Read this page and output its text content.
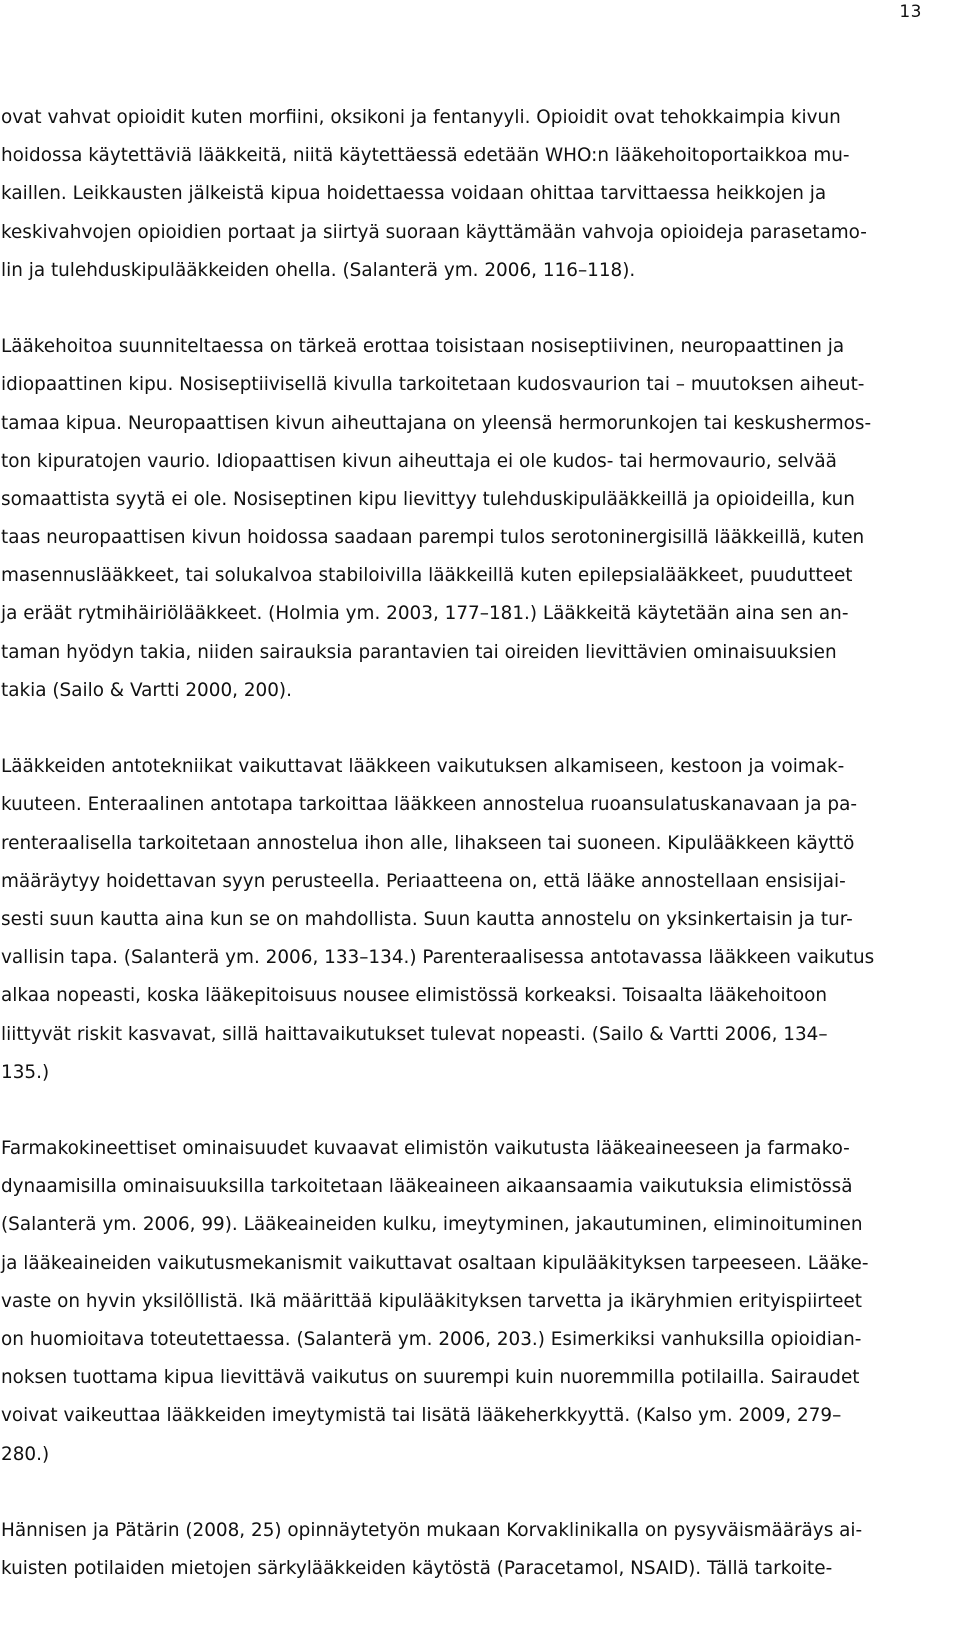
13
ovat vahvat opioidit kuten morfiini, oksikoni ja fentanyyli. Opioidit ovat tehokkaimpia kivun
hoidossa käytettäviä lääkkeitä, niitä käytettäessä edetään WHO:n lääkehoitoportaikkoa mu-
kaillen. Leikkausten jälkeistä kipua hoidettaessa voidaan ohittaa tarvittaessa heikkojen ja
keskivahvojen opioidien portaat ja siirtyä suoraan käyttämään vahvoja opioideja parasetamo-
lin ja tulehduskipulääkkeiden ohella. (Salanterä ym. 2006, 116–118).
Lääkehoitoa suunniteltaessa on tärkeä erottaa toisistaan nosiseptiivinen, neuropaattinen ja
idiopaattinen kipu. Nosiseptiivisellä kivulla tarkoitetaan kudosvaurion tai – muutoksen aiheut-
tamaa kipua. Neuropaattisen kivun aiheuttajana on yleensä hermorunkojen tai keskushermos-
ton kipuratojen vaurio. Idiopaattisen kivun aiheuttaja ei ole kudos- tai hermovaurio, selvää
somaattista syytä ei ole. Nosiseptinen kipu lievittyy tulehduskipulääkkeillä ja opioideilla, kun
taas neuropaattisen kivun hoidossa saadaan parempi tulos serotoninergisillä lääkkeillä, kuten
masennuslääkkeet, tai solukalvoa stabiloivilla lääkkeillä kuten epilepsialääkkeet, puudutteet
ja eräät rytmihäiriölääkkeet. (Holmia ym. 2003, 177–181.) Lääkkeitä käytetään aina sen an-
taman hyödyn takia, niiden sairauksia parantavien tai oireiden lievittävien ominaisuuksien
takia (Sailo & Vartti 2000, 200).
Lääkkeiden antotekniikat vaikuttavat lääkkeen vaikutuksen alkamiseen, kestoon ja voimak-
kuuteen. Enteraalinen antotapa tarkoittaa lääkkeen annostelua ruoansulatuskanavaan ja pa-
renteraalisella tarkoitetaan annostelua ihon alle, lihakseen tai suoneen. Kipulääkkeen käyttö
määräytyy hoidettavan syyn perusteella. Periaatteena on, että lääke annostellaan ensisijai-
sesti suun kautta aina kun se on mahdollista. Suun kautta annostelu on yksinkertaisin ja tur-
vallisin tapa. (Salanterä ym. 2006, 133–134.) Parenteraalisessa antotavassa lääkkeen vaikutus
alkaa nopeasti, koska lääkepitoisuus nousee elimistössä korkeaksi. Toisaalta lääkehoitoon
liittyvät riskit kasvavat, sillä haittavaikutukset tulevat nopeasti. (Sailo & Vartti 2006, 134–
135.)
Farmakokineettiset ominaisuudet kuvaavat elimistön vaikutusta lääkeaineeseen ja farmako-
dynaamisilla ominaisuuksilla tarkoitetaan lääkeaineen aikaansaamia vaikutuksia elimistössä
(Salanterä ym. 2006, 99). Lääkeaineiden kulku, imeytyminen, jakautuminen, eliminoituminen
ja lääkeaineiden vaikutusmekanismit vaikuttavat osaltaan kipulääkityksen tarpeeseen. Lääke-
vaste on hyvin yksilöllistä. Ikä määrittää kipulääkityksen tarvetta ja ikäryhmien erityispiirteet
on huomioitava toteutettaessa. (Salanterä ym. 2006, 203.) Esimerkiksi vanhuksilla opioidian-
noksen tuottama kipua lievittävä vaikutus on suurempi kuin nuoremmilla potilailla. Sairaudet
voivat vaikeuttaa lääkkeiden imeytymistä tai lisätä lääkeherkkyyttä. (Kalso ym. 2009, 279–
280.)
Hännisen ja Pätärin (2008, 25) opinnäytetyön mukaan Korvaklinikalla on pysyväismääräys ai-
kuisten potilaiden mietojen särkylääkkeiden käytöstä (Paracetamol, NSAID). Tällä tarkoite-
